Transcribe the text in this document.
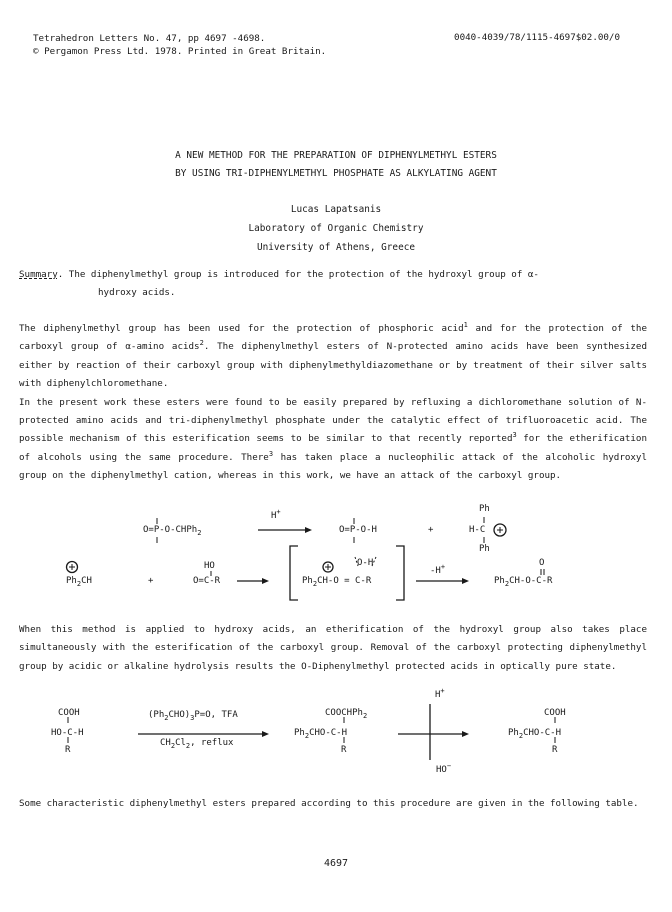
Tetrahedron Letters No. 47, pp 4697 -4698.
© Pergamon Press Ltd. 1978. Printed in Great Britain.
0040-4039/78/1115-4697$02.00/0
A NEW METHOD FOR THE PREPARATION OF DIPHENYLMETHYL ESTERS
BY USING TRI-DIPHENYLMETHYL PHOSPHATE AS ALKYLATING AGENT
Lucas Lapatsanis
Laboratory of Organic Chemistry
University of Athens, Greece
Summary. The diphenylmethyl group is introduced for the protection of the hydroxyl group of α-
hydroxy acids.
The diphenylmethyl group has been used for the protection of phosphoric acid$^1$ and for the protection of the carboxyl group of α-amino acids$^2$. The diphenylmethyl esters of N-protected amino acids have been synthesized either by reaction of their carboxyl group with diphenylmethyldiazomethane or by treatment of their silver salts with diphenylchloromethane.
In the present work these esters were found to be easily prepared by refluxing a dichloromethane solution of N-protected amino acids and tri-diphenylmethyl phosphate under the catalytic effect of trifluoroacetic acid. The possible mechanism of this esterification seems to be similar to that recently reported$^3$ for the etherification of alcohols using the same procedure. There$^3$ has taken place a nucleophilic attack of the alcoholic hydroxyl group on the diphenylmethyl cation, whereas in this work, we have an attack of the carboxyl group.
H+
O=P-O-CHPh$_2$	O=P-O-H	+
Ph
H-C
Ph
$Ph_2CH$	+
HO
O=C-R
O-H
$Ph_2CH-O = C-R$
-H+	O
$Ph_2CH-O-C-R$
When this method is applied to hydroxy acids, an etherification of the hydroxyl group also takes place simultaneously with the esterification of the carboxyl group. Removal of the carboxyl protecting diphenylmethyl group by acidic or alkaline hydrolysis results the O-Diphenylmethyl protected acids in optically pure state.
COOH
HO-C-H
R
$(Ph_2CHO)_3P=O$, TFA
$CH_2Cl_2$, reflux
COOCHPh$_2$
$Ph_2CHO-C-H$
R
H+
HO−
COOH
$Ph_2CHO-C-H$
R
Some characteristic diphenylmethyl esters prepared according to this procedure are given in the following table.
4697
